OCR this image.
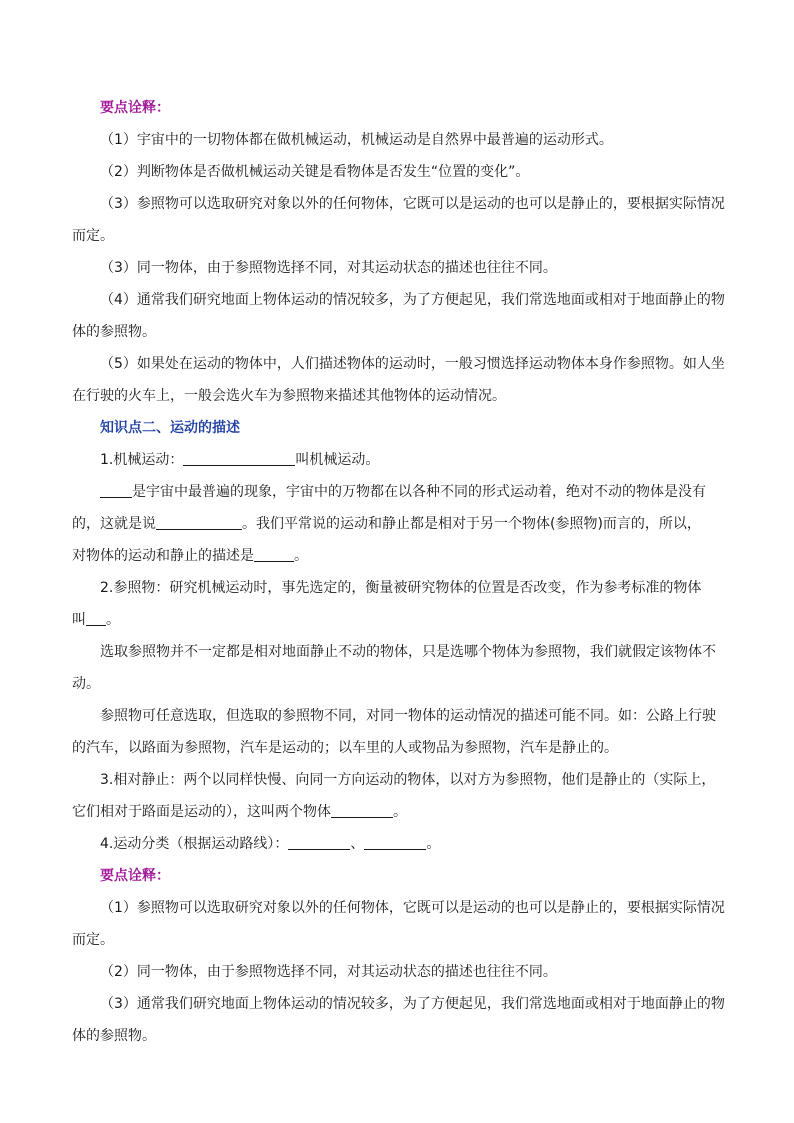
要点诠释：
（1）宇宙中的一切物体都在做机械运动，机械运动是自然界中最普遍的运动形式。
（2）判断物体是否做机械运动关键是看物体是否发生“位置的变化”。
（3）参照物可以选取研究对象以外的任何物体，它既可以是运动的也可以是静止的，要根据实际情况
而定。
（3）同一物体，由于参照物选择不同，对其运动状态的描述也往往不同。
（4）通常我们研究地面上物体运动的情况较多，为了方便起见，我们常选地面或相对于地面静止的物
体的参照物。
（5）如果处在运动的物体中，人们描述物体的运动时，一般习惯选择运动物体本身作参照物。如人坐
在行驶的火车上，一般会选火车为参照物来描述其他物体的运动情况。
知识点二、运动的描述
1.机械运动：	叫机械运动。
是宇宙中最普遍的现象，宇宙中的万物都在以各种不同的形式运动着，绝对不动的物体是没有
的，这就是说	。我们平常说的运动和静止都是相对于另一个物体(参照物)而言的，所以，
对物体的运动和静止的描述是	。
2.参照物：研究机械运动时，事先选定的，衡量被研究物体的位置是否改变，作为参考标准的物体
叫 。
选取参照物并不一定都是相对地面静止不动的物体，只是选哪个物体为参照物，我们就假定该物体不
动。
参照物可任意选取，但选取的参照物不同，对同一物体的运动情况的描述可能不同。如：公路上行驶
的汽车，以路面为参照物，汽车是运动的；以车里的人或物品为参照物，汽车是静止的。
3.相对静止：两个以同样快慢、向同一方向运动的物体，以对方为参照物，他们是静止的（实际上，
它们相对于路面是运动的），这叫两个物体	。
4.运动分类（根据运动路线）：	、	。
要点诠释：
（1）参照物可以选取研究对象以外的任何物体，它既可以是运动的也可以是静止的，要根据实际情况
而定。
（2）同一物体，由于参照物选择不同，对其运动状态的描述也往往不同。
（3）通常我们研究地面上物体运动的情况较多，为了方便起见，我们常选地面或相对于地面静止的物
体的参照物。
